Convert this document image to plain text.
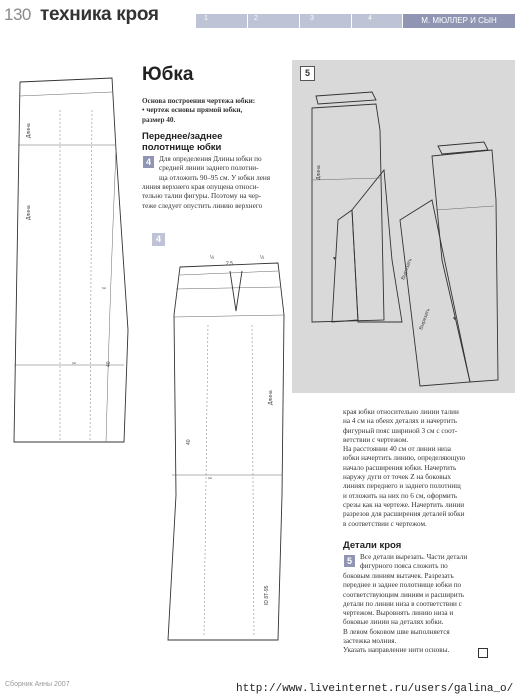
130 техника кроя	1	2	3	4	М. МЮЛЛЕР И СЫН
Юбка
Основа построения чертежа юбки:
• чертеж основы прямой юбки,
размер 40.
Переднее/заднее
полотнище юбки
4	Для определения Длины юбки по
средней линии заднего полотни-
ща отложить 90–95 см. У юбки леня
линия верхнего края опущена относи-
тельно талии фигуры. Поэтому на чер-
теже следует опустить линию верхнего
4
Длина
Длина
✂
✂	40
½
2,5
½
✂
Длина
40
ID 8Т-95
5
Длина
Вырезать
Вырезать
▼
▼
края юбки относительно линии талии
на 4 см на обеих деталях и начертить
фигурный пояс шириной 3 см с соот-
ветствии с чертежом.
На расстоянии 40 см от линии низа
юбки начертить линию, определяющую
начало расширения юбки. Начертить
наружу дуги от точек Z на боковых
линиях переднего и заднего полотнищ
и отложить на них по 6 см, оформить
срезы как на чертеже. Начертить линии
разрезов для расширения деталей юбки
в соответствии с чертежом.
Детали кроя
5	Все детали вырезать. Части детали
фигурного пояса сложить по
боковым линиям вытачек. Разрезать
переднее и заднее полотнище юбки по
соответствующим линиям и расширить
детали по линии низа в соответствии с
чертежом. Выровнять линию низа и
боковые линии на деталях юбки.
В левом боковом шве выполняется
застежка молния.
Указать направление нити основы.
Сборник Анны 2007	http://www.liveinternet.ru/users/galina_o/
